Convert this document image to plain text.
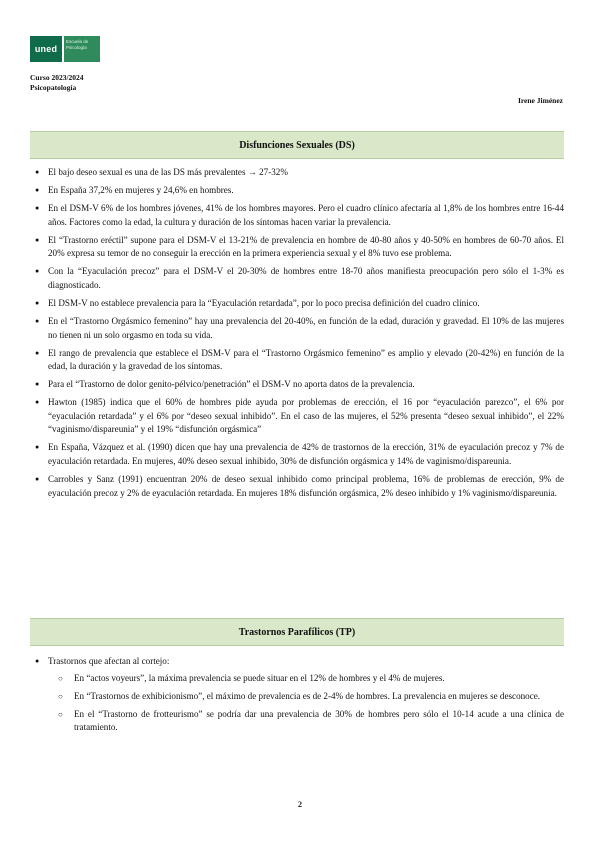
uned
Escuela de Psicología
Curso 2023/2024
Psicopatología
Irene Jiménez
Disfunciones Sexuales (DS)
● El bajo deseo sexual es una de las DS más prevalentes → 27-32%
● En España 37,2% en mujeres y 24,6% en hombres.
● En el DSM-V 6% de los hombres jóvenes, 41% de los hombres mayores. Pero el cuadro clínico afectaría al 1,8% de los hombres entre 16-44 años. Factores como la edad, la cultura y duración de los síntomas hacen variar la prevalencia.
● El “Trastorno eréctil” supone para el DSM-V el 13-21% de prevalencia en hombre de 40-80 años y 40-50% en hombres de 60-70 años. El 20% expresa su temor de no conseguir la erección en la primera experiencia sexual y el 8% tuvo ese problema.
● Con la “Eyaculación precoz” para el DSM-V el 20-30% de hombres entre 18-70 años manifiesta preocupación pero sólo el 1-3% es diagnosticado.
● El DSM-V no establece prevalencia para la “Eyaculación retardada”, por lo poco precisa definición del cuadro clínico.
● En el “Trastorno Orgásmico femenino” hay una prevalencia del 20-40%, en función de la edad, duración y gravedad. El 10% de las mujeres no tienen ni un solo orgasmo en toda su vida.
● El rango de prevalencia que establece el DSM-V para el “Trastorno Orgásmico femenino” es amplio y elevado (20-42%) en función de la edad, la duración y la gravedad de los síntomas.
● Para el “Trastorno de dolor genito-pélvico/penetración” el DSM-V no aporta datos de la prevalencia.
● Hawton (1985) indica que el 60% de hombres pide ayuda por problemas de erección, el 16 por “eyaculación parezco”, el 6% por “eyaculación retardada” y el 6% por “deseo sexual inhibido”. En el caso de las mujeres, el 52% presenta “deseo sexual inhibido”, el 22% “vaginismo/dispareunia” y el 19% “disfunción orgásmica”
● En España, Vázquez et al. (1990) dicen que hay una prevalencia de 42% de trastornos de la erección, 31% de eyaculación precoz y 7% de eyaculación retardada. En mujeres, 40% deseo sexual inhibido, 30% de disfunción orgásmica y 14% de vaginismo/dispareunia.
● Carrobles y Sanz (1991) encuentran 20% de deseo sexual inhibido como principal problema, 16% de problemas de erección, 9% de eyaculación precoz y 2% de eyaculación retardada. En mujeres 18% disfunción orgásmica, 2% deseo inhibido y 1% vaginismo/dispareunia.
Trastornos Parafílicos (TP)
● Trastornos que afectan al cortejo:
○ En “actos voyeurs”, la máxima prevalencia se puede situar en el 12% de hombres y el 4% de mujeres.
○ En “Trastornos de exhibicionismo”, el máximo de prevalencia es de 2-4% de hombres. La prevalencia en mujeres se desconoce.
○ En el “Trastorno de frotteurismo” se podría dar una prevalencia de 30% de hombres pero sólo el 10-14 acude a una clínica de tratamiento.
2
